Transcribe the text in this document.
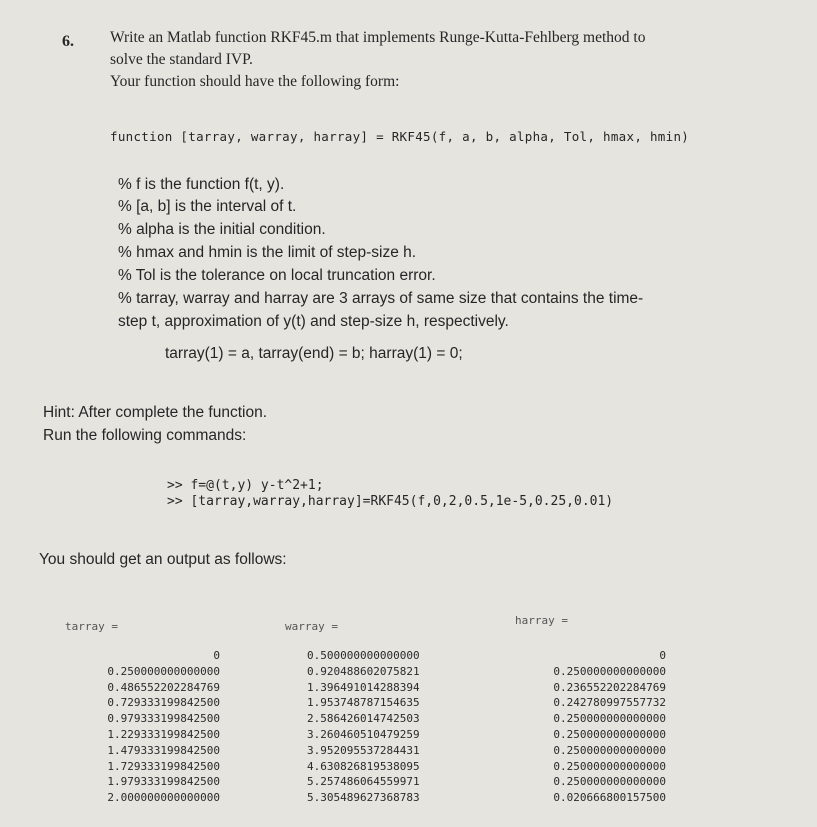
6. Write an Matlab function RKF45.m that implements Runge-Kutta-Fehlberg method to
solve the standard IVP.
Your function should have the following form:
function [tarray, warray, harray] = RKF45(f, a, b, alpha, Tol, hmax, hmin)
% f is the function f(t, y).
% [a, b] is the interval of t.
% alpha is the initial condition.
% hmax and hmin is the limit of step-size h.
% Tol is the tolerance on local truncation error.
% tarray, warray and harray are 3 arrays of same size that contains the time-
step t, approximation of y(t) and step-size h, respectively.
tarray(1) = a, tarray(end) = b; harray(1) = 0;
Hint: After complete the function.
Run the following commands:
>> f=@(t,y) y-t^2+1;
>> [tarray,warray,harray]=RKF45(f,0,2,0.5,1e-5,0.25,0.01)
You should get an output as follows:
tarray =	warray =	harray =
0
0.250000000000000
0.486552202284769
0.729333199842500
0.979333199842500
1.229333199842500
1.479333199842500
1.729333199842500
1.979333199842500
2.000000000000000
0.500000000000000
0.920488602075821
1.396491014288394
1.953748787154635
2.586426014742503
3.260460510479259
3.952095537284431
4.630826819538095
5.257486064559971
5.305489627368783
0
0.250000000000000
0.236552202284769
0.242780997557732
0.250000000000000
0.250000000000000
0.250000000000000
0.250000000000000
0.250000000000000
0.020666800157500
